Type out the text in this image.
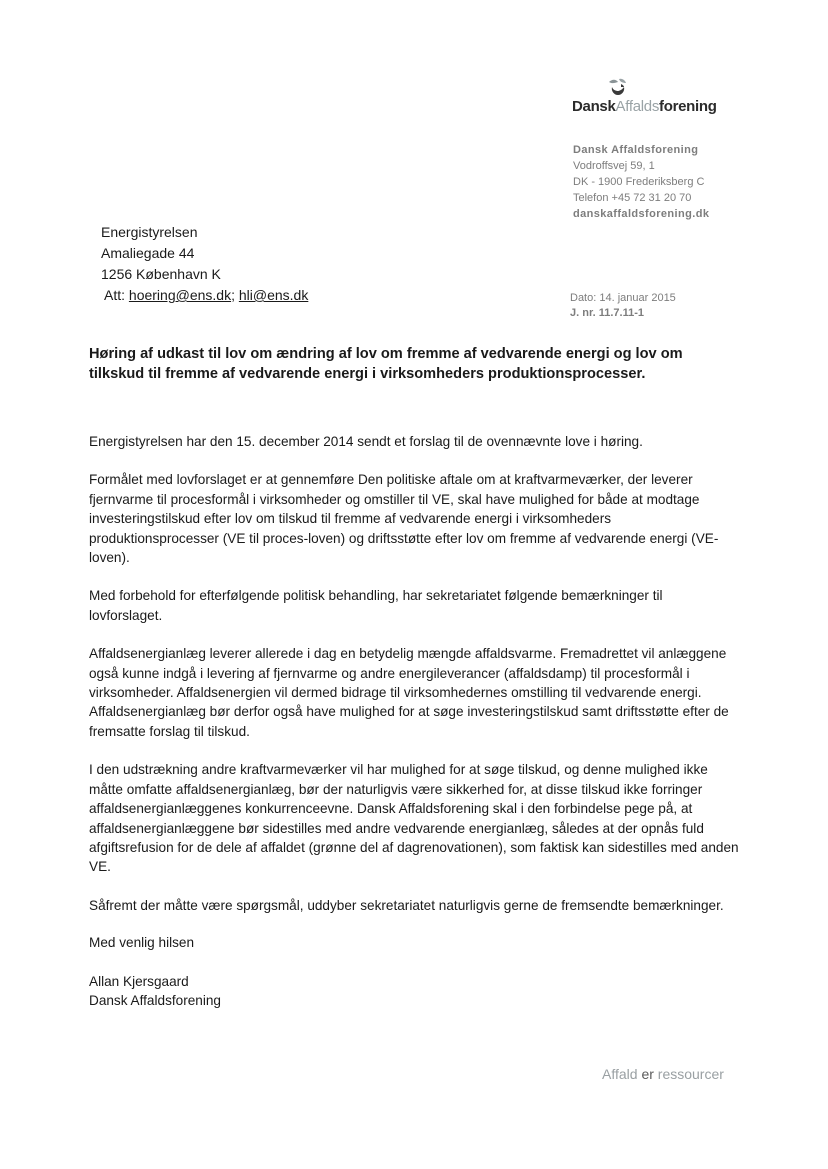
DanskAffaldsforening
Dansk Affaldsforening
Vodroffsvej 59, 1
DK - 1900 Frederiksberg C
Telefon +45 72 31 20 70
danskaffaldsforening.dk
Energistyrelsen
Amaliegade 44
1256 København K
Att: hoering@ens.dk; hli@ens.dk	Dato: 14. januar 2015
J. nr. 11.7.11-1
Høring af udkast til lov om ændring af lov om fremme af vedvarende energi og lov om tilkskud til fremme af vedvarende energi i virksomheders produktionsprocesser.

Energistyrelsen har den 15. december 2014 sendt et forslag til de ovennævnte love i høring.

Formålet med lovforslaget er at gennemføre Den politiske aftale om at kraftvarmeværker, der leverer fjernvarme til procesformål i virksomheder og omstiller til VE, skal have mulighed for både at modtage investeringstilskud efter lov om tilskud til fremme af vedvarende energi i virksomheders produktionsprocesser (VE til proces-loven) og driftsstøtte efter lov om fremme af vedvarende energi (VE-loven).

Med forbehold for efterfølgende politisk behandling, har sekretariatet følgende bemærkninger til lovforslaget.

Affaldsenergianlæg leverer allerede i dag en betydelig mængde affaldsvarme. Fremadrettet vil anlæggene også kunne indgå i levering af fjernvarme og andre energileverancer (affaldsdamp) til procesformål i virksomheder. Affaldsenergien vil dermed bidrage til virksomhedernes omstilling til vedvarende energi. Affaldsenergianlæg bør derfor også have mulighed for at søge investeringstilskud samt driftsstøtte efter de fremsatte forslag til tilskud.

I den udstrækning andre kraftvarmeværker vil har mulighed for at søge tilskud, og denne mulighed ikke måtte omfatte affaldsenergianlæg, bør der naturligvis være sikkerhed for, at disse tilskud ikke forringer affaldsenergianlæggenes konkurrenceevne. Dansk Affaldsforening skal i den forbindelse pege på, at affaldsenergianlæggene bør sidestilles med andre vedvarende energianlæg, således at der opnås fuld afgiftsrefusion for de dele af affaldet (grønne del af dagrenovationen), som faktisk kan sidestilles med anden VE.

Såfremt der måtte være spørgsmål, uddyber sekretariatet naturligvis gerne de fremsendte bemærkninger.

Med venlig hilsen
Allan Kjersgaard
Dansk Affaldsforening
Affald er ressourcer
